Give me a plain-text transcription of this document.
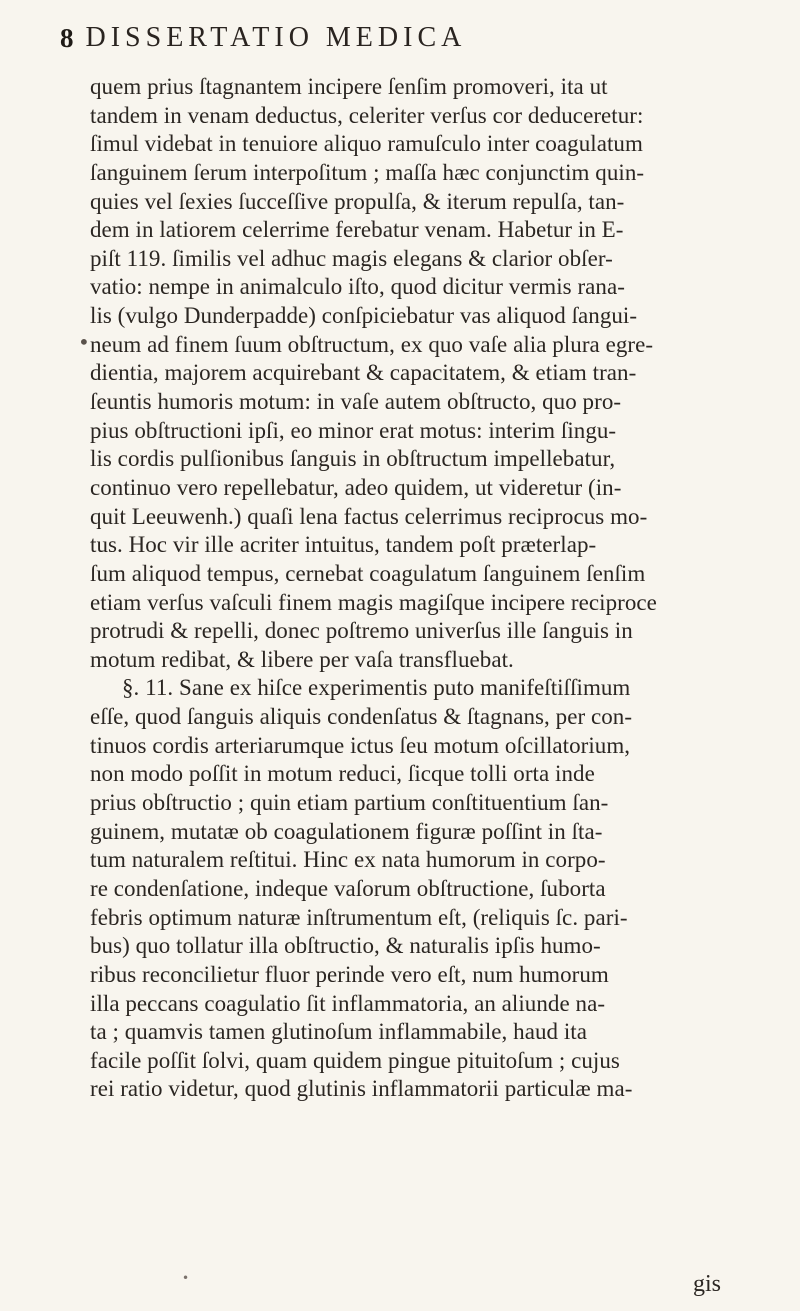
8 DISSERTATIO MEDICA
•
quem prius ſtagnantem incipere ſenſim promoveri, ita ut
tandem in venam deductus, celeriter verſus cor deduceretur:
ſimul videbat in tenuiore aliquo ramuſculo inter coagulatum
ſanguinem ſerum interpoſitum ; maſſa hæc conjunctim quin-
quies vel ſexies ſucceſſive propulſa, & iterum repulſa, tan-
dem in latiorem celerrime ferebatur venam. Habetur in E-
piſt 119. ſimilis vel adhuc magis elegans & clarior obſer-
vatio: nempe in animalculo iſto, quod dicitur vermis rana-
lis (vulgo Dunderpadde) conſpiciebatur vas aliquod ſangui-
neum ad finem ſuum obſtructum, ex quo vaſe alia plura egre-
dientia, majorem acquirebant & capacitatem, & etiam tran-
ſeuntis humoris motum: in vaſe autem obſtructo, quo pro-
pius obſtructioni ipſi, eo minor erat motus: interim ſingu-
lis cordis pulſionibus ſanguis in obſtructum impellebatur,
continuo vero repellebatur, adeo quidem, ut videretur (in-
quit Leeuwenh.) quaſi lena factus celerrimus reciprocus mo-
tus. Hoc vir ille acriter intuitus, tandem poſt præterlap-
ſum aliquod tempus, cernebat coagulatum ſanguinem ſenſim
etiam verſus vaſculi finem magis magiſque incipere reciproce
protrudi & repelli, donec poſtremo univerſus ille ſanguis in
motum redibat, & libere per vaſa transfluebat.
§. 11. Sane ex hiſce experimentis puto manifeſtiſſimum
eſſe, quod ſanguis aliquis condenſatus & ſtagnans, per con-
tinuos cordis arteriarumque ictus ſeu motum oſcillatorium,
non modo poſſit in motum reduci, ſicque tolli orta inde
prius obſtructio ; quin etiam partium conſtituentium ſan-
guinem, mutatæ ob coagulationem figuræ poſſint in ſta-
tum naturalem reſtitui. Hinc ex nata humorum in corpo-
re condenſatione, indeque vaſorum obſtructione, ſuborta
febris optimum naturæ inſtrumentum eſt, (reliquis ſc. pari-
bus) quo tollatur illa obſtructio, & naturalis ipſis humo-
ribus reconcilietur fluor perinde vero eſt, num humorum
illa peccans coagulatio ſit inflammatoria, an aliunde na-
ta ; quamvis tamen glutinoſum inflammabile, haud ita
facile poſſit ſolvi, quam quidem pingue pituitoſum ; cujus
rei ratio videtur, quod glutinis inflammatorii particulæ ma-
•	gis
